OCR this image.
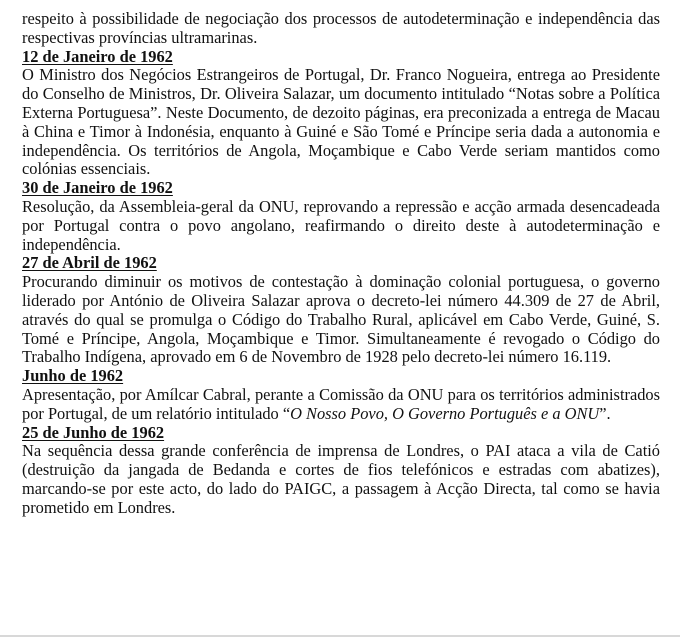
respeito à possibilidade de negociação dos processos de autodeterminação e independência das respectivas províncias ultramarinas.

12 de Janeiro de 1962

O Ministro dos Negócios Estrangeiros de Portugal, Dr. Franco Nogueira, entrega ao Presidente do Conselho de Ministros, Dr. Oliveira Salazar, um documento intitulado “Notas sobre a Política Externa Portuguesa”. Neste Documento, de dezoito páginas, era preconizada a entrega de Macau à China e Timor à Indonésia, enquanto à Guiné e São Tomé e Príncipe seria dada a autonomia e independência. Os territórios de Angola, Moçambique e Cabo Verde seriam mantidos como colónias essenciais.

30 de Janeiro de 1962

Resolução, da Assembleia-geral da ONU, reprovando a repressão e acção armada desencadeada por Portugal contra o povo angolano, reafirmando o direito deste à autodeterminação e independência.

27 de Abril de 1962

Procurando diminuir os motivos de contestação à dominação colonial portuguesa, o governo liderado por António de Oliveira Salazar aprova o decreto-lei número 44.309 de 27 de Abril, através do qual se promulga o Código do Trabalho Rural, aplicável em Cabo Verde, Guiné, S. Tomé e Príncipe, Angola, Moçambique e Timor. Simultaneamente é revogado o Código do Trabalho Indígena, aprovado em 6 de Novembro de 1928 pelo decreto-lei número 16.119.

Junho de 1962

Apresentação, por Amílcar Cabral, perante a Comissão da ONU para os territórios administrados por Portugal, de um relatório intitulado “O Nosso Povo, O Governo Português e a ONU”.

25 de Junho de 1962

Na sequência dessa grande conferência de imprensa de Londres, o PAI ataca a vila de Catió (destruição da jangada de Bedanda e cortes de fios telefónicos e estradas com abatizes), marcando-se por este acto, do lado do PAIGC, a passagem à Acção Directa, tal como se havia prometido em Londres.
